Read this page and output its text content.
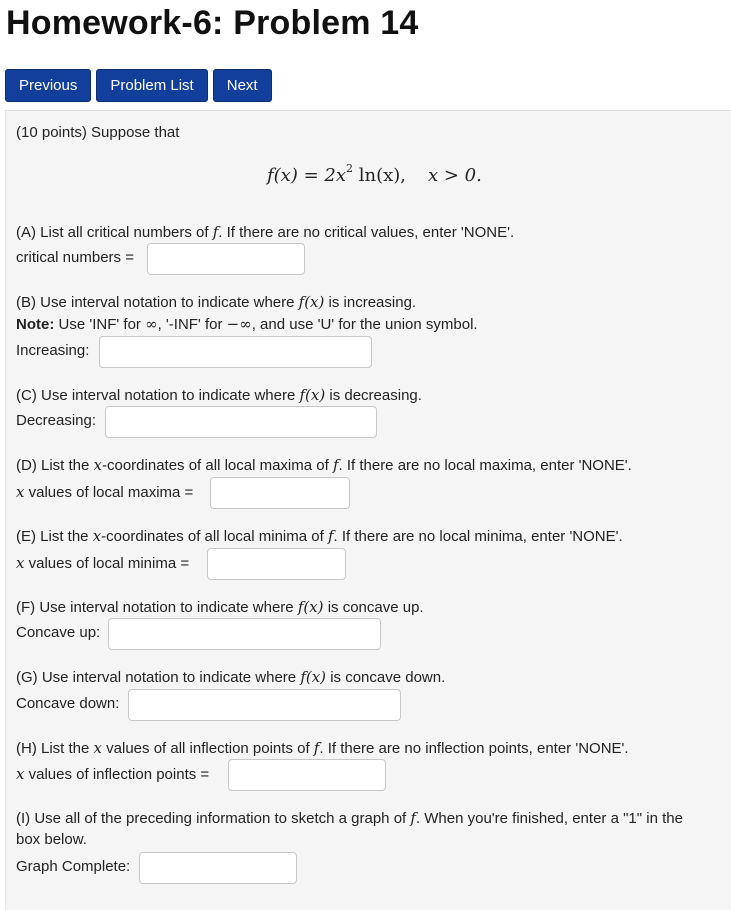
Homework-6: Problem 14
Previous	Problem List	Next
(10 points) Suppose that
$f(x) = 2x^2$ ln(x), x > 0.
(A) List all critical numbers of f. If there are no critical values, enter 'NONE'.
critical numbers =
(B) Use interval notation to indicate where f(x) is increasing.
Note: Use 'INF' for ∞, '-INF' for −∞, and use 'U' for the union symbol.
Increasing:
(C) Use interval notation to indicate where f(x) is decreasing.
Decreasing:
(D) List the x-coordinates of all local maxima of f. If there are no local maxima, enter 'NONE'.
x values of local maxima =
(E) List the x-coordinates of all local minima of f. If there are no local minima, enter 'NONE'.
x values of local minima =
(F) Use interval notation to indicate where f(x) is concave up.
Concave up:
(G) Use interval notation to indicate where f(x) is concave down.
Concave down:
(H) List the x values of all inflection points of f. If there are no inflection points, enter 'NONE'.
x values of inflection points =
(I) Use all of the preceding information to sketch a graph of f. When you're finished, enter a "1" in the
box below.
Graph Complete:
